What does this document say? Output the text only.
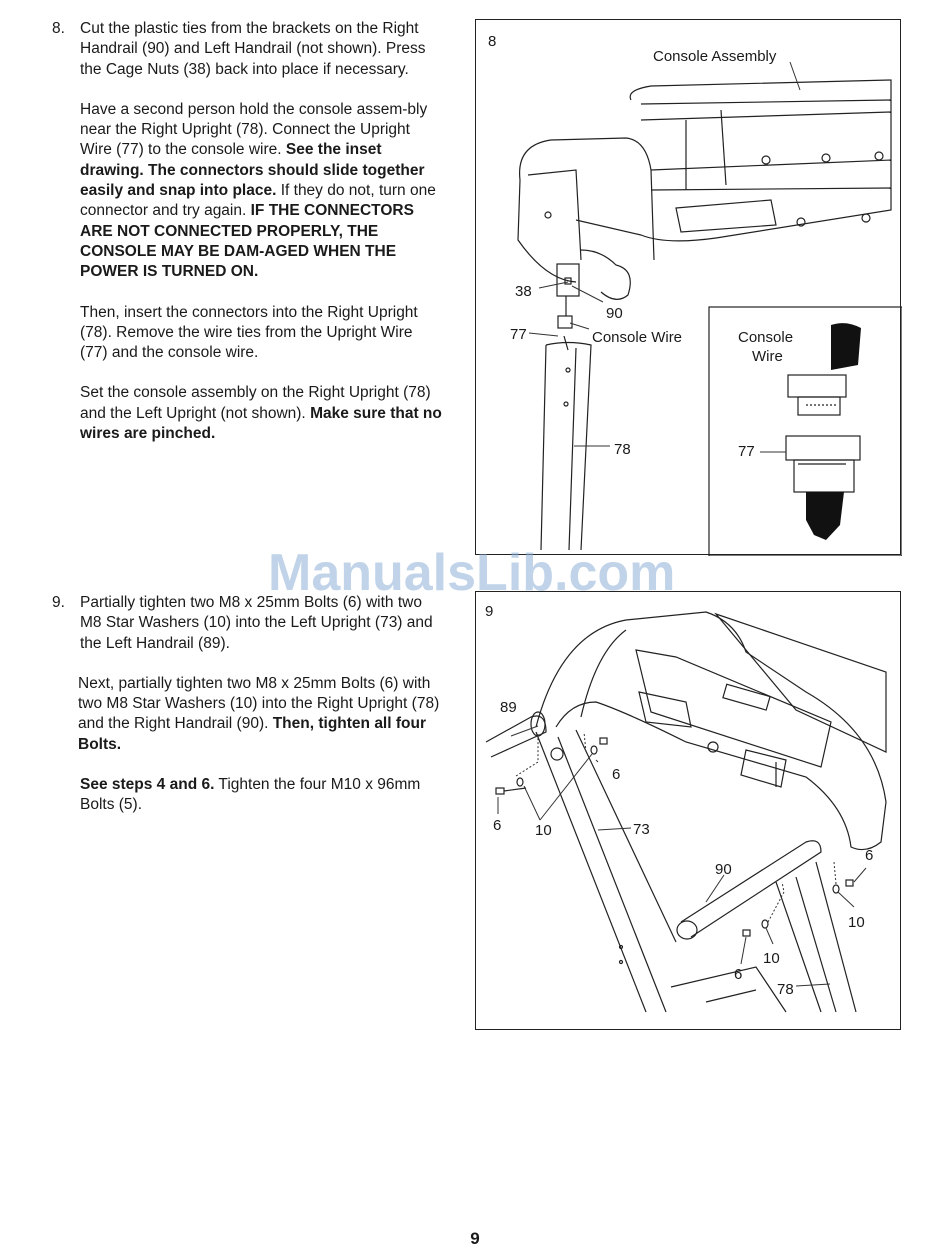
8. Cut the plastic ties from the brackets on the Right Handrail (90) and Left Handrail (not shown). Press the Cage Nuts (38) back into place if necessary.

Have a second person hold the console assem-bly near the Right Upright (78). Connect the Upright Wire (77) to the console wire. See the inset drawing. The connectors should slide together easily and snap into place. If they do not, turn one connector and try again. IF THE CONNECTORS ARE NOT CONNECTED PROPERLY, THE CONSOLE MAY BE DAM-AGED WHEN THE POWER IS TURNED ON.

Then, insert the connectors into the Right Upright (78). Remove the wire ties from the Upright Wire (77) and the console wire.

Set the console assembly on the Right Upright (78) and the Left Upright (not shown). Make sure that no wires are pinched.

9. Partially tighten two M8 x 25mm Bolts (6) with two M8 Star Washers (10) into the Left Upright (73) and the Left Handrail (89).

Next, partially tighten two M8 x 25mm Bolts (6) with two M8 Star Washers (10) into the Right Upright (78) and the Right Handrail (90). Then, tighten all four Bolts.

See steps 4 and 6. Tighten the four M10 x 96mm Bolts (5).

8
Console Assembly
38
90
77	Console Wire
78
Console
Wire
77
9
89
6
6 10	73
90
6
10
10
6
78
ManualsLib.com
9
